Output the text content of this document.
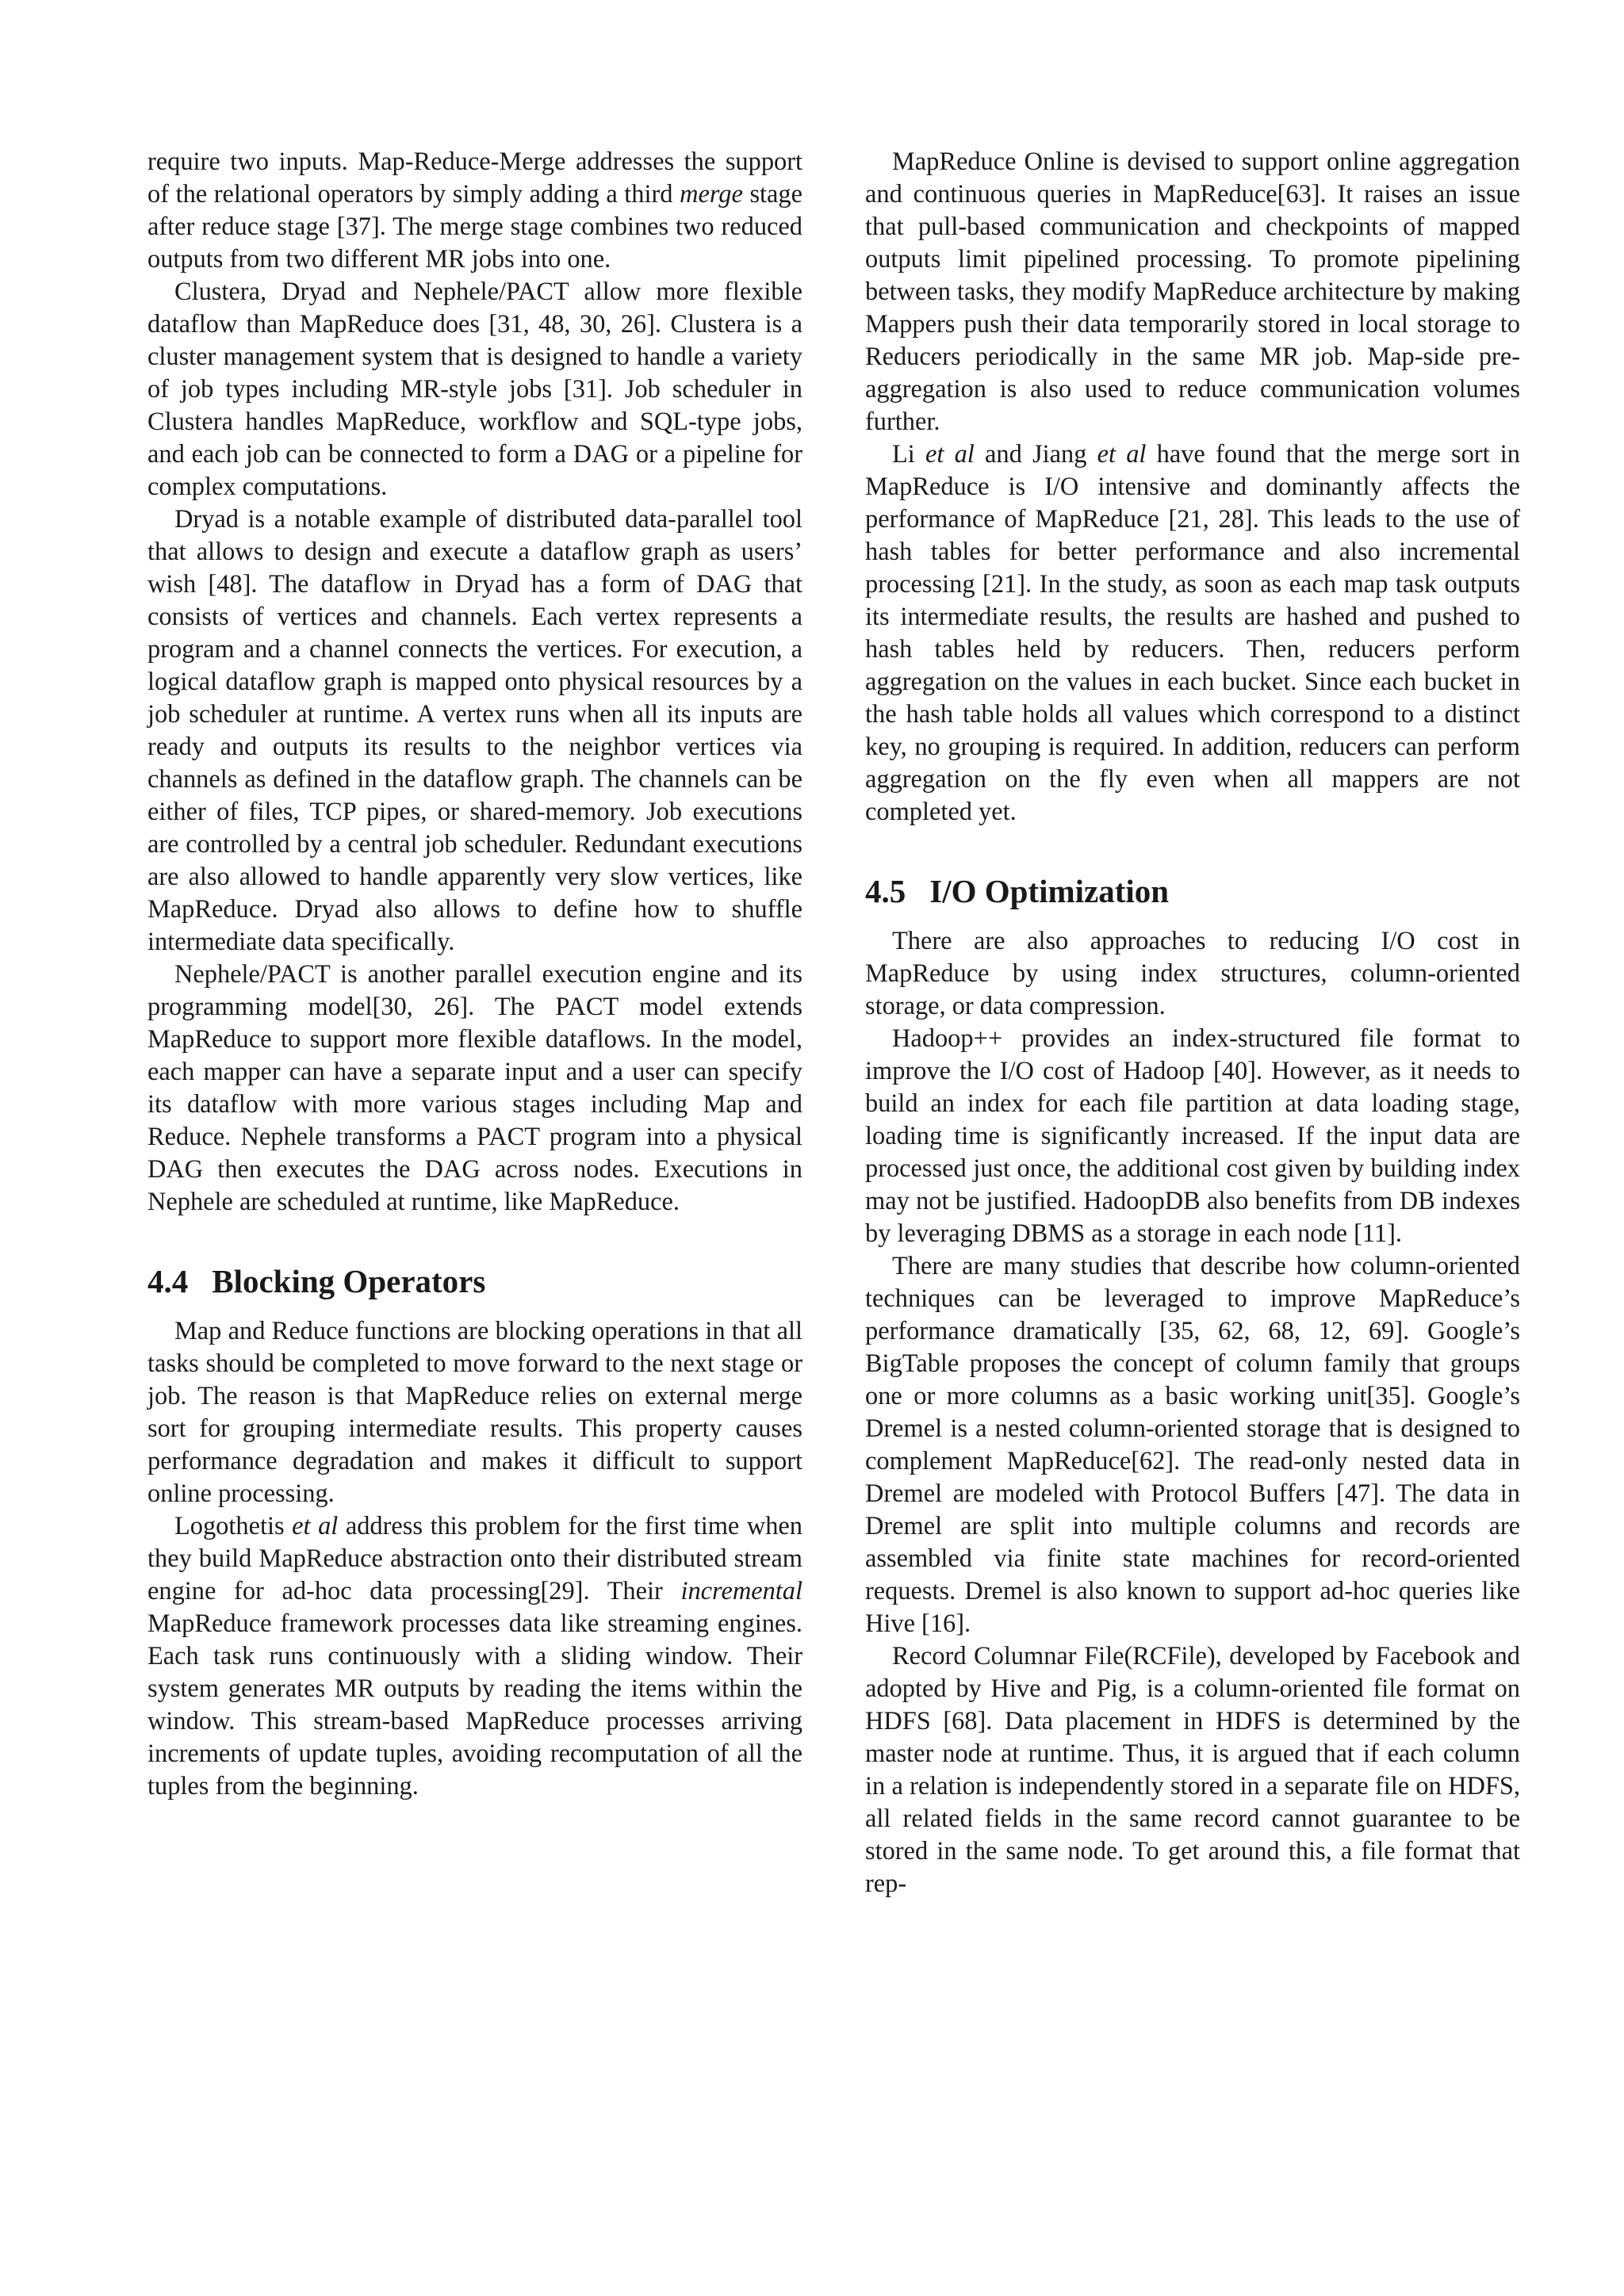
require two inputs. Map-Reduce-Merge addresses the support of the relational operators by simply adding a third merge stage after reduce stage [37]. The merge stage combines two reduced outputs from two different MR jobs into one.

Clustera, Dryad and Nephele/PACT allow more flexible dataflow than MapReduce does [31, 48, 30, 26]. Clustera is a cluster management system that is designed to handle a variety of job types including MR-style jobs [31]. Job scheduler in Clustera handles MapReduce, workflow and SQL-type jobs, and each job can be connected to form a DAG or a pipeline for complex computations.

Dryad is a notable example of distributed data-parallel tool that allows to design and execute a dataflow graph as users’ wish [48]. The dataflow in Dryad has a form of DAG that consists of vertices and channels. Each vertex represents a program and a channel connects the vertices. For execution, a logical dataflow graph is mapped onto physical resources by a job scheduler at runtime. A vertex runs when all its inputs are ready and outputs its results to the neighbor vertices via channels as defined in the dataflow graph. The channels can be either of files, TCP pipes, or shared-memory. Job executions are controlled by a central job scheduler. Redundant executions are also allowed to handle apparently very slow vertices, like MapReduce. Dryad also allows to define how to shuffle intermediate data specifically.

Nephele/PACT is another parallel execution engine and its programming model[30, 26]. The PACT model extends MapReduce to support more flexible dataflows. In the model, each mapper can have a separate input and a user can specify its dataflow with more various stages including Map and Reduce. Nephele transforms a PACT program into a physical DAG then executes the DAG across nodes. Executions in Nephele are scheduled at runtime, like MapReduce.

4.4 Blocking Operators

Map and Reduce functions are blocking operations in that all tasks should be completed to move forward to the next stage or job. The reason is that MapReduce relies on external merge sort for grouping intermediate results. This property causes performance degradation and makes it difficult to support online processing.

Logothetis et al address this problem for the first time when they build MapReduce abstraction onto their distributed stream engine for ad-hoc data processing[29]. Their incremental MapReduce framework processes data like streaming engines. Each task runs continuously with a sliding window. Their system generates MR outputs by reading the items within the window. This stream-based MapReduce processes arriving increments of update tuples, avoiding recomputation of all the tuples from the beginning.

MapReduce Online is devised to support online aggregation and continuous queries in MapReduce[63]. It raises an issue that pull-based communication and checkpoints of mapped outputs limit pipelined processing. To promote pipelining between tasks, they modify MapReduce architecture by making Mappers push their data temporarily stored in local storage to Reducers periodically in the same MR job. Map-side pre-aggregation is also used to reduce communication volumes further.

Li et al and Jiang et al have found that the merge sort in MapReduce is I/O intensive and dominantly affects the performance of MapReduce [21, 28]. This leads to the use of hash tables for better performance and also incremental processing [21]. In the study, as soon as each map task outputs its intermediate results, the results are hashed and pushed to hash tables held by reducers. Then, reducers perform aggregation on the values in each bucket. Since each bucket in the hash table holds all values which correspond to a distinct key, no grouping is required. In addition, reducers can perform aggregation on the fly even when all mappers are not completed yet.

4.5 I/O Optimization

There are also approaches to reducing I/O cost in MapReduce by using index structures, column-oriented storage, or data compression.

Hadoop++ provides an index-structured file format to improve the I/O cost of Hadoop [40]. However, as it needs to build an index for each file partition at data loading stage, loading time is significantly increased. If the input data are processed just once, the additional cost given by building index may not be justified. HadoopDB also benefits from DB indexes by leveraging DBMS as a storage in each node [11].

There are many studies that describe how column-oriented techniques can be leveraged to improve MapReduce’s performance dramatically [35, 62, 68, 12, 69]. Google’s BigTable proposes the concept of column family that groups one or more columns as a basic working unit[35]. Google’s Dremel is a nested column-oriented storage that is designed to complement MapReduce[62]. The read-only nested data in Dremel are modeled with Protocol Buffers [47]. The data in Dremel are split into multiple columns and records are assembled via finite state machines for record-oriented requests. Dremel is also known to support ad-hoc queries like Hive [16].

Record Columnar File(RCFile), developed by Facebook and adopted by Hive and Pig, is a column-oriented file format on HDFS [68]. Data placement in HDFS is determined by the master node at runtime. Thus, it is argued that if each column in a relation is independently stored in a separate file on HDFS, all related fields in the same record cannot guarantee to be stored in the same node. To get around this, a file format that rep-
